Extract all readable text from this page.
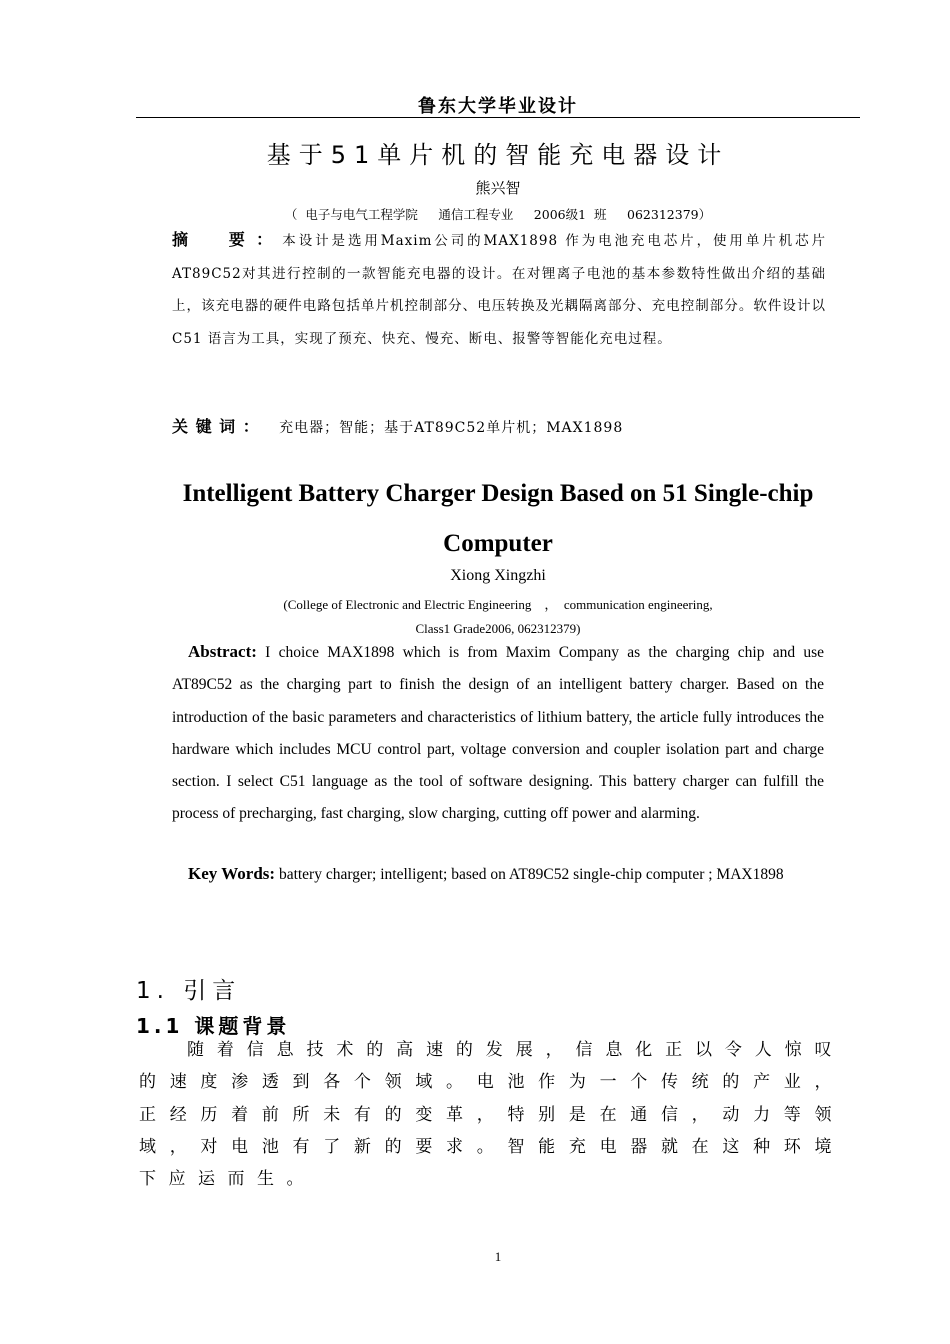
鲁东大学毕业设计
基于51单片机的智能充电器设计
熊兴智
（ 电子与电气工程学院　 通信工程专业　 2006级1 班　 062312379）
摘　　要 ： 本设计是选用Maxim公司的MAX1898 作为电池充电芯片，使用单片机芯片AT89C52对其进行控制的一款智能充电器的设计。在对锂离子电池的基本参数特性做出介绍的基础上，该充电器的硬件电路包括单片机控制部分、电压转换及光耦隔离部分、充电控制部分。软件设计以C51 语言为工具，实现了预充、快充、慢充、断电、报警等智能化充电过程。
关 键 词 ： 充电器；智能；基于AT89C52单片机；MAX1898
Intelligent Battery Charger Design Based on 51 Single-chip Computer
Xiong Xingzhi
(College of Electronic and Electric Engineering　，　communication engineering,
Class1 Grade2006, 062312379)

Abstract: I choice MAX1898 which is from Maxim Company as the charging chip and use AT89C52 as the charging part to finish the design of an intelligent battery charger. Based on the introduction of the basic parameters and characteristics of lithium battery, the article fully introduces the hardware which includes MCU control part, voltage conversion and coupler isolation part and charge section. I select C51 language as the tool of software designing. This battery charger can fulfill the process of precharging, fast charging, slow charging, cutting off power and alarming.

Key Words: battery charger; intelligent; based on AT89C52 single-chip computer ; MAX1898

1. 引言
1.1 课题背景

随着信息技术的高速的发展，信息化正以令人惊叹的速度渗透到各个领域。电池作为一个传统的产业，正经历着前所未有的变革，特别是在通信，动力等领域，对电池有了新的要求。智能充电器就在这种环境下应运而生。

1
